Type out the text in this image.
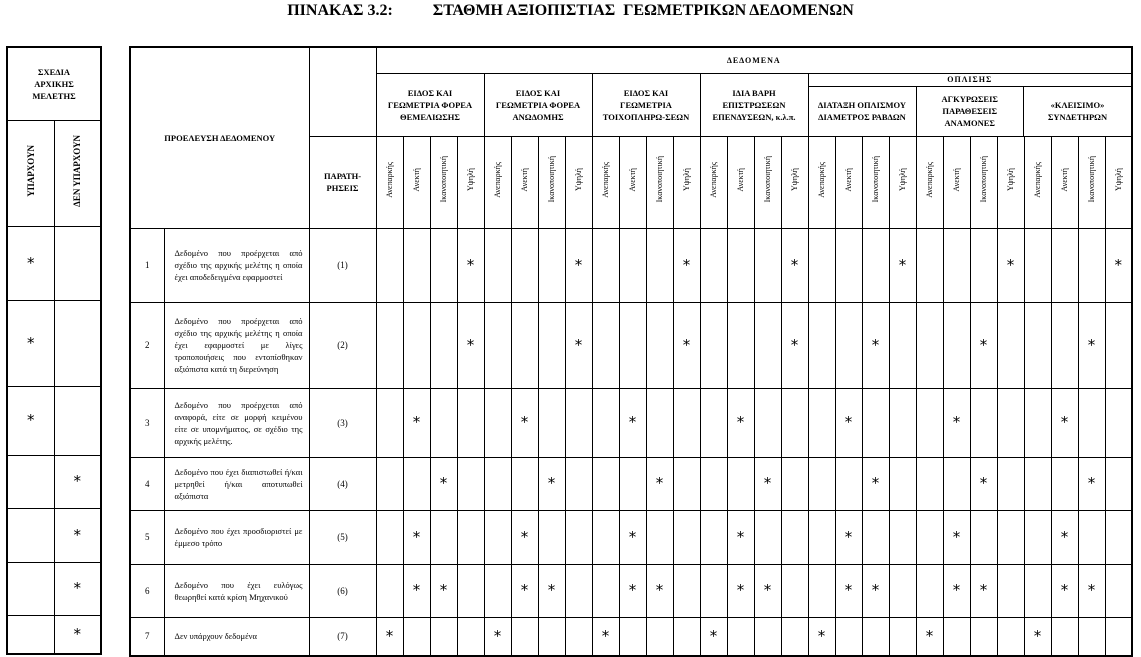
ΠΙΝΑΚΑΣ 3.2:          ΣΤΑΘΜΗ ΑΞΙΟΠΙΣΤΙΑΣ  ΓΕΩΜΕΤΡΙΚΩΝ ΔΕΔΟΜΕΝΩΝ
ΣΧΕΔΙΑ ΑΡΧΙΚΗΣ ΜΕΛΕΤΗΣ	
ΥΠΑΡΧΟΥΝ	ΔΕΝ ΥΠΑΡΧΟΥΝ
*	
*	
*	
	*
	*
	*
	*
ΠΡΟΕΛΕΥΣΗ ΔΕΔΟΜΕΝΟΥ		ΔΕΔΟΜΕΝΑ
ΕΙΔΟΣ ΚΑΙ ΓΕΩΜΕΤΡΙΑ ΦΟΡΕΑ ΘΕΜΕΛΙΩΣΗΣ	ΕΙΔΟΣ ΚΑΙ ΓΕΩΜΕΤΡΙΑ ΦΟΡΕΑ ΑΝΩΔΟΜΗΣ	ΕΙΔΟΣ ΚΑΙ ΓΕΩΜΕΤΡΙΑ ΤΟΙΧΟΠΛΗΡΩ-ΣΕΩΝ	ΙΔΙΑ ΒΑΡΗ ΕΠΙΣΤΡΩΣΕΩΝ ΕΠΕΝΔΥΣΕΩΝ, κ.λ.π.	
ΟΠΛΙΣΗΣ
ΔΙΑΤΑΞΗ ΟΠΛΙΣΜΟΥ ΔΙΑΜΕΤΡΟΣ ΡΑΒΔΩΝ	ΑΓΚΥΡΩΣΕΙΣ ΠΑΡΑΘΕΣΕΙΣ ΑΝΑΜΟΝΕΣ	«ΚΛΕΙΣΙΜΟ» ΣΥΝΔΕΤΗΡΩΝ

ΠΑΡΑΤΗ-ΡΗΣΕΙΣ	Ανεπαρκής	Ανεκτή	Ικανοποιητική	Υψηλή	Ανεπαρκής	Ανεκτή	Ικανοποιητική	Υψηλή	Ανεπαρκής	Ανεκτή	Ικανοποιητική	Υψηλή	Ανεπαρκής	Ανεκτή	Ικανοποιητική	Υψηλή	Ανεπαρκής	Ανεκτή	Ικανοποιητική	Υψηλή	Ανεπαρκής	Ανεκτή	Ικανοποιητική	Υψηλή	Ανεπαρκής	Ανεκτή	Ικανοποιητική	Υψηλή
1	Δεδομένο που προέρχεται από σχέδιο της αρχικής μελέτης η οποία έχει αποδεδειγμένα εφαρμοστεί	(1)				*				*				*				*				*				*				*
2	Δεδομένο που προέρχεται από σχέδιο της αρχικής μελέτης η οποία έχει εφαρμοστεί με λίγες τροποποιήσεις που εντοπίσθηκαν αξιόπιστα κατά τη διερεύνηση	(2)				*				*				*				*			*				*				*	
3	Δεδομένο που προέρχεται από αναφορά, είτε σε μορφή κειμένου είτε σε υπομνήματος, σε σχέδιο της αρχικής μελέτης.	(3)		*				*				*				*				*				*				*		
4	Δεδομένο που έχει διαπιστωθεί ή/και μετρηθεί ή/και αποτυπωθεί αξιόπιστα	(4)			*				*				*				*				*				*				*	
5	Δεδομένο που έχει προσδιοριστεί με έμμεσο τρόπο	(5)		*				*				*				*				*				*				*		
6	Δεδομένο που έχει ευλόγως θεωρηθεί κατά κρίση Μηχανικού	(6)		*	*			*	*			*	*			*	*			*	*			*	*			*	*	
7	Δεν υπάρχουν δεδομένα	(7)	*				*				*				*				*				*				*			
